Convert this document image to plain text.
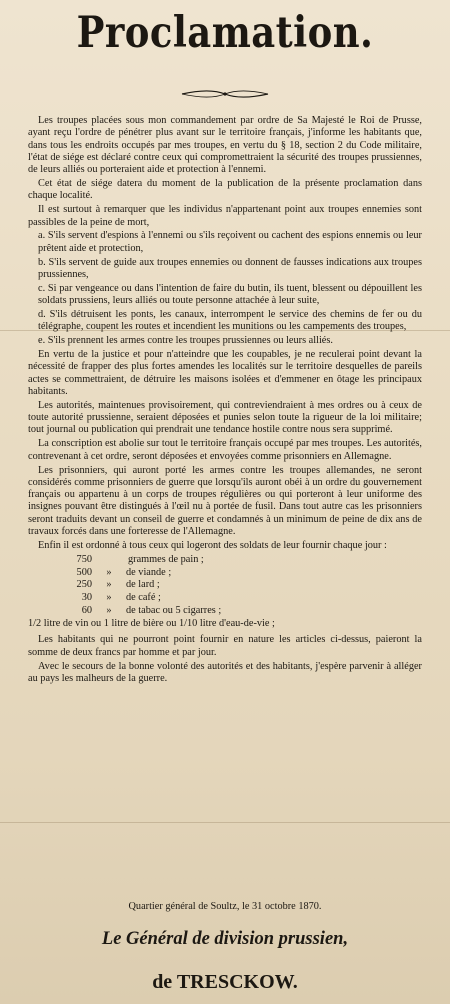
Proclamation.

Les troupes placées sous mon commandement par ordre de Sa Majesté le Roi de Prusse, ayant reçu l'ordre de pénétrer plus avant sur le territoire français, j'informe les habitants que, dans tous les endroits occupés par mes troupes, en vertu du § 18, section 2 du Code militaire, l'état de siége est déclaré contre ceux qui compromettraient la sécurité des troupes prussiennes, de leurs alliés ou porteraient aide et protection à l'ennemi.

Cet état de siége datera du moment de la publication de la présente proclamation dans chaque localité.

Il est surtout à remarquer que les individus n'appartenant point aux troupes ennemies sont passibles de la peine de mort,

a. S'ils servent d'espions à l'ennemi ou s'ils reçoivent ou cachent des espions ennemis ou leur prêtent aide et protection,

b. S'ils servent de guide aux troupes ennemies ou donnent de fausses indications aux troupes prussiennes,

c. Si par vengeance ou dans l'intention de faire du butin, ils tuent, blessent ou dépouillent les soldats prussiens, leurs alliés ou toute personne attachée à leur suite,

d. S'ils détruisent les ponts, les canaux, interrompent le service des chemins de fer ou du télégraphe, coupent les routes et incendient les munitions ou les campements des troupes,

e. S'ils prennent les armes contre les troupes prussiennes ou leurs alliés.

En vertu de la justice et pour n'atteindre que les coupables, je ne reculerai point devant la nécessité de frapper des plus fortes amendes les localités sur le territoire desquelles de pareils actes se commettraient, de détruire les maisons isolées et d'emmener en ôtage les principaux habitants.

Les autorités, maintenues provisoirement, qui contreviendraient à mes ordres ou à ceux de toute autorité prussienne, seraient déposées et punies selon toute la rigueur de la loi militaire; tout journal ou publication qui prendrait une tendance hostile contre nous sera supprimé.

La conscription est abolie sur tout le territoire français occupé par mes troupes. Les autorités, contrevenant à cet ordre, seront déposées et envoyées comme prisonniers en Allemagne.

Les prisonniers, qui auront porté les armes contre les troupes allemandes, ne seront considérés comme prisonniers de guerre que lorsqu'ils auront obéi à un ordre du gouvernement français ou appartenu à un corps de troupes régulières ou qui porteront à leur uniforme des insignes pouvant être distingués à l'œil nu à portée de fusil. Dans tout autre cas les prisonniers seront traduits devant un conseil de guerre et condamnés à un minimum de peine de dix ans de travaux forcés dans une forteresse de l'Allemagne.

Enfin il est ordonné à tous ceux qui logeront des soldats de leur fournir chaque jour :

750	grammes de pain ;
500	»	de viande ;
250	»	de lard ;
30	»	de café ;
60	»	de tabac ou 5 cigarres ;
1/2 litre de vin ou 1 litre de bière ou 1/10 litre d'eau-de-vie ;

Les habitants qui ne pourront point fournir en nature les articles ci-dessus, paieront la somme de deux francs par homme et par jour.

Avec le secours de la bonne volonté des autorités et des habitants, j'espère parvenir à alléger au pays les malheurs de la guerre.

Quartier général de Soultz, le 31 octobre 1870.
Le Général de division prussien,
de TRESCKOW.
